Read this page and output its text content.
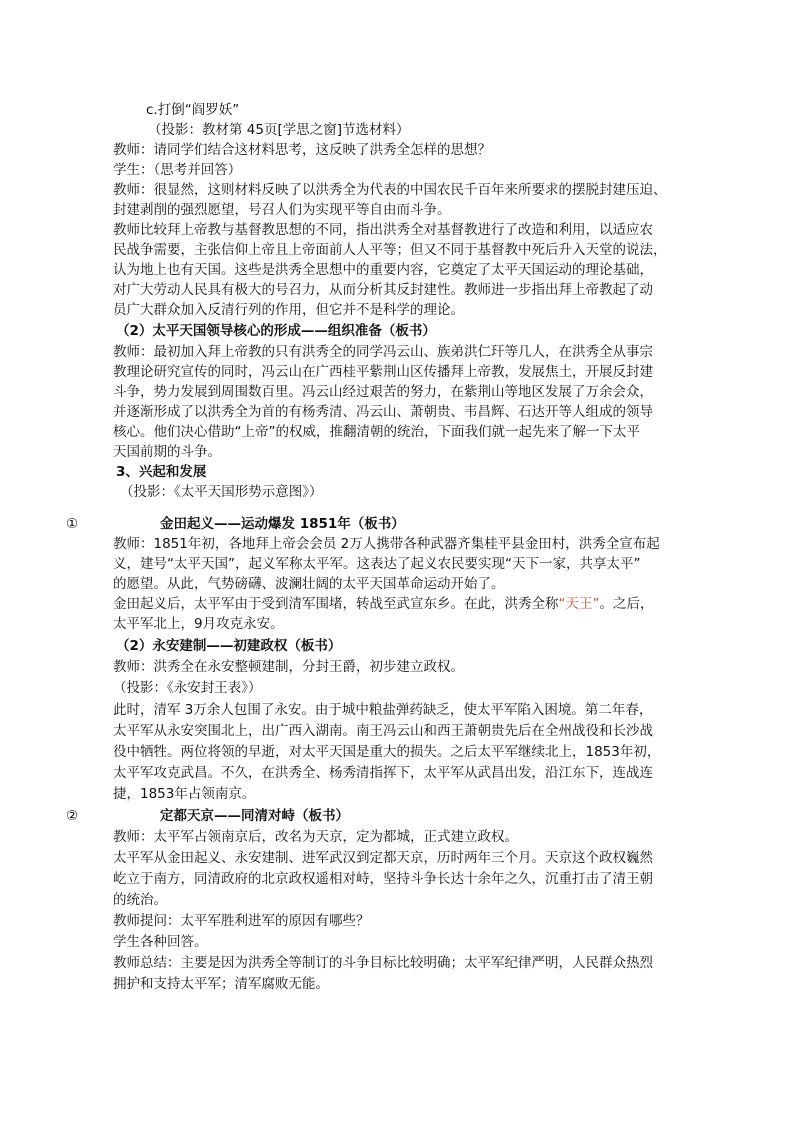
c.打倒“阎罗妖”
（投影：教材第 45页[学思之窗]节选材料）
教师：请同学们结合这材料思考，这反映了洪秀全怎样的思想？
学生：（思考并回答）
教师：很显然，这则材料反映了以洪秀全为代表的中国农民千百年来所要求的摆脱封建压迫、
封建剥削的强烈愿望，号召人们为实现平等自由而斗争。
教师比较拜上帝教与基督教思想的不同，指出洪秀全对基督教进行了改造和利用，以适应农
民战争需要，主张信仰上帝且上帝面前人人平等；但又不同于基督教中死后升入天堂的说法，
认为地上也有天国。这些是洪秀全思想中的重要内容，它奠定了太平天国运动的理论基础，
对广大劳动人民具有极大的号召力，从而分析其反封建性。教师进一步指出拜上帝教起了动
员广大群众加入反清行列的作用，但它并不是科学的理论。
（2）太平天国领导核心的形成——组织准备（板书）
教师：最初加入拜上帝教的只有洪秀全的同学冯云山、族弟洪仁玕等几人，在洪秀全从事宗
教理论研究宣传的同时，冯云山在广西桂平紫荆山区传播拜上帝教，发展焦土，开展反封建
斗争，势力发展到周围数百里。冯云山经过艰苦的努力，在紫荆山等地区发展了万余会众，
并逐渐形成了以洪秀全为首的有杨秀清、冯云山、萧朝贵、韦昌辉、石达开等人组成的领导
核心。他们决心借助“上帝”的权威，推翻清朝的统治，下面我们就一起先来了解一下太平
天国前期的斗争。
3、兴起和发展
（投影：《太平天国形势示意图》）
①	金田起义——运动爆发 1851年（板书）
教师：1851年初，各地拜上帝会会员 2万人携带各种武器齐集桂平县金田村，洪秀全宣布起
义，建号“太平天国”，起义军称太平军。这表达了起义农民要实现“天下一家，共享太平”
的愿望。从此，气势磅礴、波澜壮阔的太平天国革命运动开始了。
金田起义后，太平军由于受到清军围堵，转战至武宣东乡。在此，洪秀全称“天王”。之后，
太平军北上，9月攻克永安。
（2）永安建制——初建政权（板书）
教师：洪秀全在永安整顿建制，分封王爵，初步建立政权。
（投影：《永安封王表》）
此时，清军 3万余人包围了永安。由于城中粮盐弹药缺乏，使太平军陷入困境。第二年春，
太平军从永安突围北上，出广西入湖南。南王冯云山和西王萧朝贵先后在全州战役和长沙战
役中牺牲。两位将领的早逝，对太平天国是重大的损失。之后太平军继续北上，1853年初，
太平军攻克武昌。不久，在洪秀全、杨秀清指挥下，太平军从武昌出发，沿江东下，连战连
捷，1853年占领南京。
②	定都天京——同清对峙（板书）
教师：太平军占领南京后，改名为天京，定为都城，正式建立政权。
太平军从金田起义、永安建制、进军武汉到定都天京，历时两年三个月。天京这个政权巍然
屹立于南方，同清政府的北京政权遥相对峙，坚持斗争长达十余年之久，沉重打击了清王朝
的统治。
教师提问：太平军胜利进军的原因有哪些？
学生各种回答。
教师总结：主要是因为洪秀全等制订的斗争目标比较明确；太平军纪律严明，人民群众热烈
拥护和支持太平军；清军腐败无能。
